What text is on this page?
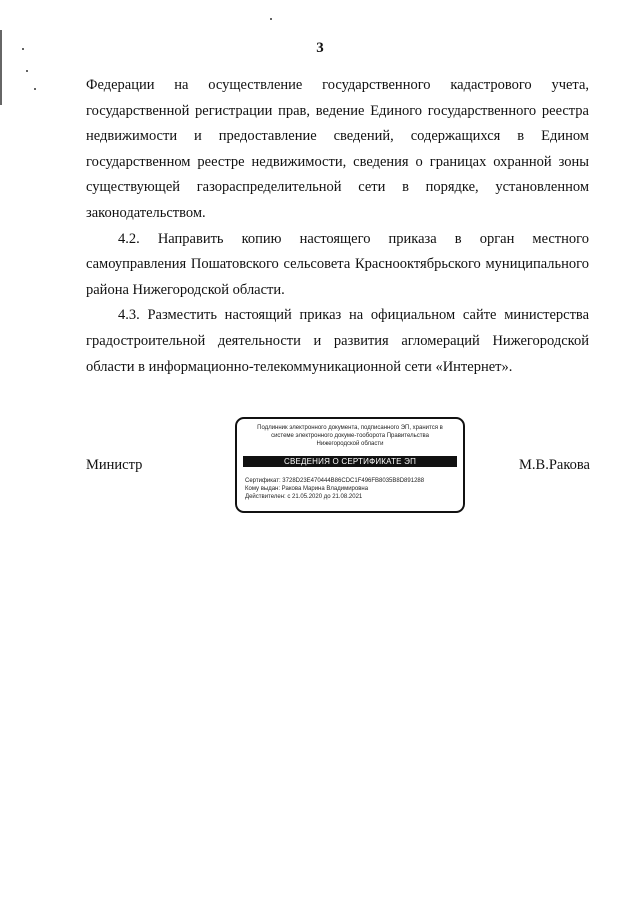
3

Федерации на осуществление государственного кадастрового учета, государственной регистрации прав, ведение Единого государственного реестра недвижимости и предоставление сведений, содержащихся в Едином государственном реестре недвижимости, сведения о границах охранной зоны существующей газораспределительной сети в порядке, установленном законодательством.

4.2. Направить копию настоящего приказа в орган местного самоуправления Пошатовского сельсовета Краснооктябрьского муниципального района Нижегородской области.

4.3. Разместить настоящий приказ на официальном сайте министерства градостроительной деятельности и развития агломераций Нижегородской области в информационно-телекоммуникационной сети «Интернет».

Министр
Подлинник электронного документа, подписанного ЭП, хранится в системе электронного докуме-тооборота Правительства Нижегородской области
СВЕДЕНИЯ О СЕРТИФИКАТЕ ЭП
Сертификат: 3728D23E470444B86CDC1F496FB8035B8D891288
Кому выдан: Ракова Марина Владимировна
Действителен: с 21.05.2020 до 21.08.2021
М.В.Ракова
